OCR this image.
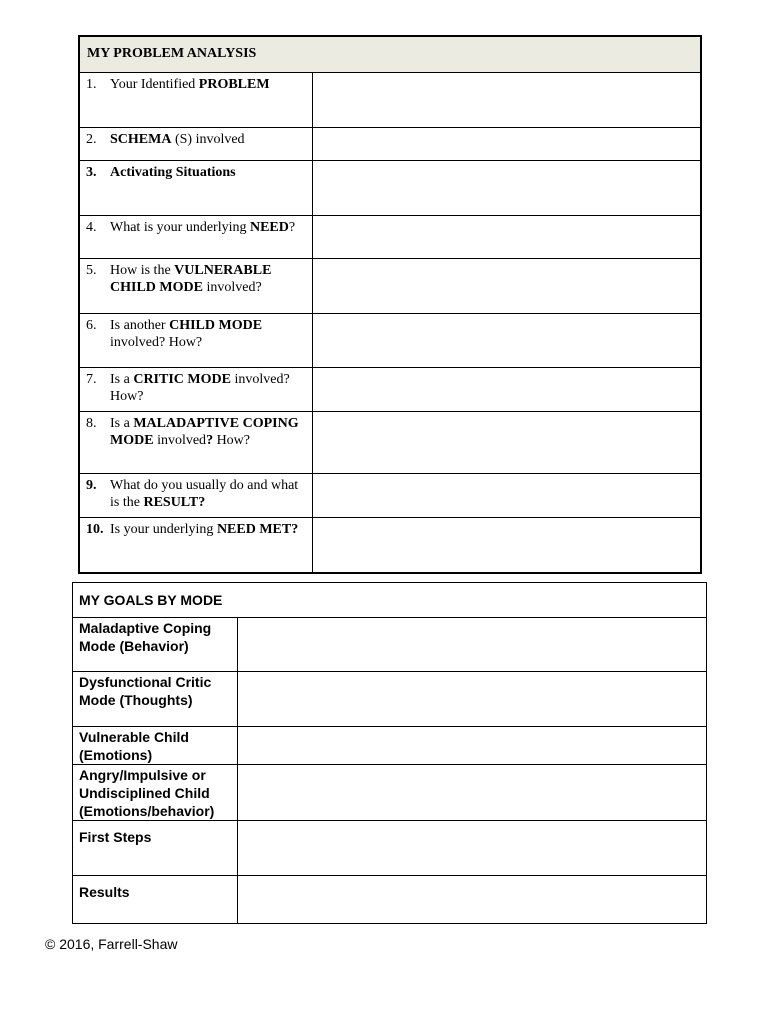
MY PROBLEM ANALYSIS	

1. Your Identified PROBLEM	

2. SCHEMA (S) involved	

3. Activating Situations	

4. What is your underlying NEED?	

5. How is the VULNERABLE CHILD MODE involved?	

6. Is another CHILD MODE involved? How?	

7. Is a CRITIC MODE involved? How?	

8. Is a MALADAPTIVE COPING MODE involved? How?	

9. What do you usually do and what is the RESULT?	

10. Is your underlying NEED MET?	

MY GOALS BY MODE	
Maladaptive Coping Mode (Behavior)	
Dysfunctional Critic Mode (Thoughts)	
Vulnerable Child (Emotions)	
Angry/Impulsive or Undisciplined Child (Emotions/behavior)	
First Steps	
Results	
© 2016, Farrell-Shaw
